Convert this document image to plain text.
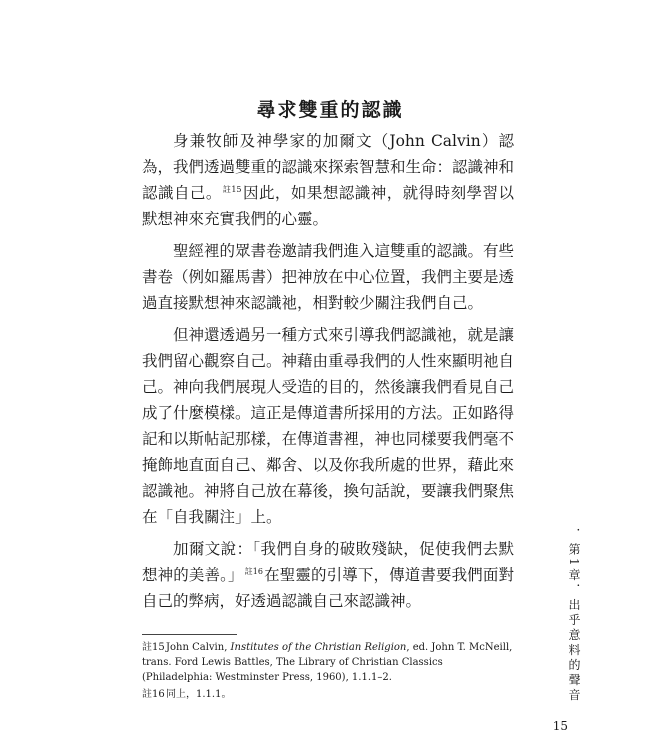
尋求雙重的認識

身兼牧師及神學家的加爾文（John Calvin）認為，我們透過雙重的認識來探索智慧和生命：認識神和認識自己。$^{註15}$因此，如果想認識神，就得時刻學習以默想神來充實我們的心靈。

聖經裡的眾書卷邀請我們進入這雙重的認識。有些書卷（例如羅馬書）把神放在中心位置，我們主要是透過直接默想神來認識祂，相對較少關注我們自己。

但神還透過另一種方式來引導我們認識祂，就是讓我們留心觀察自己。神藉由重尋我們的人性來顯明祂自己。神向我們展現人受造的目的，然後讓我們看見自己成了什麼模樣。這正是傳道書所採用的方法。正如路得記和以斯帖記那樣，在傳道書裡，神也同樣要我們毫不掩飾地直面自己、鄰舍、以及你我所處的世界，藉此來認識祂。神將自己放在幕後，換句話說，要讓我們聚焦在「自我關注」上。

加爾文說：「我們自身的破敗殘缺，促使我們去默想神的美善。」$^{註16}$在聖靈的引導下，傳道書要我們面對自己的弊病，好透過認識自己來認識神。	．第1章．出乎意料的聲音

註15John Calvin, Institutes of the Christian Religion, ed. John T. McNeill, trans. Ford Lewis Battles, The Library of Christian Classics (Philadelphia: Westminster Press, 1960), 1.1.1–2.

註16同上，1.1.1。

15
